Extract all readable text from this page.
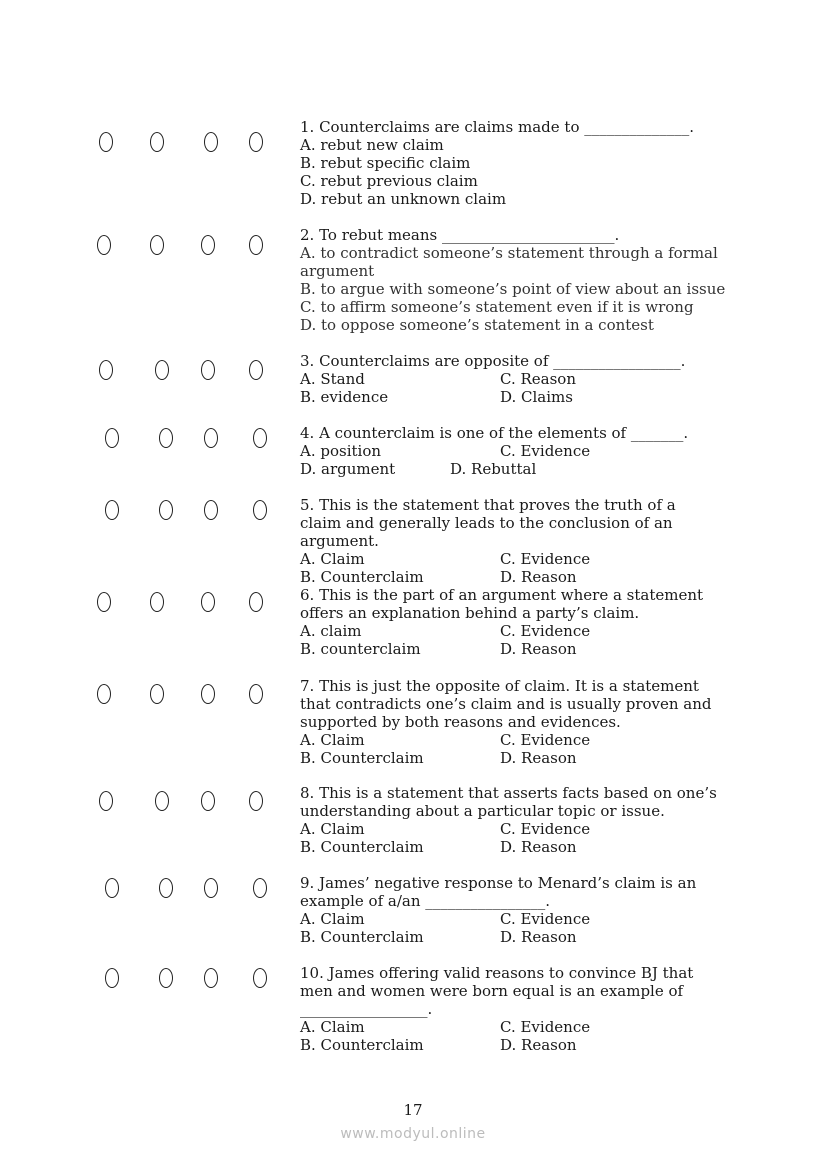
1. Counterclaims are claims made to ______________.
A. rebut new claim
B. rebut specific claim
C. rebut previous claim
D. rebut an unknown claim
2. To rebut means _______________________.
A. to contradict someone’s statement through a formal argument
B. to argue with someone’s point of view about an issue
C. to affirm someone’s statement even if it is wrong
D. to oppose someone’s statement in a contest
3. Counterclaims are opposite of _________________.
A. Stand	C. Reason
B. evidence	D. Claims
4. A counterclaim is one of the elements of _______.
A. position	C. Evidence
D. argument	D. Rebuttal
5. This is the statement that proves the truth of a claim and generally leads to the conclusion of an argument.
A. Claim	C. Evidence
B. Counterclaim	D. Reason
6. This is the part of an argument where a statement offers an explanation behind a party’s claim.
A. claim	C. Evidence
B. counterclaim	D. Reason
7. This is just the opposite of claim. It is a statement that contradicts one’s claim and is usually proven and supported by both reasons and evidences.
A. Claim	C. Evidence
B. Counterclaim	D. Reason
8. This is a statement that asserts facts based on one’s understanding about a particular topic or issue.
A. Claim	C. Evidence
B. Counterclaim	D. Reason
9. James’ negative response to Menard’s claim is an example of a/an ________________.
A. Claim	C. Evidence
B. Counterclaim	D. Reason
10. James offering valid reasons to convince BJ that men and women were born equal is an example of _________________.
A. Claim	C. Evidence
B. Counterclaim	D. Reason
17
www.modyul.online
